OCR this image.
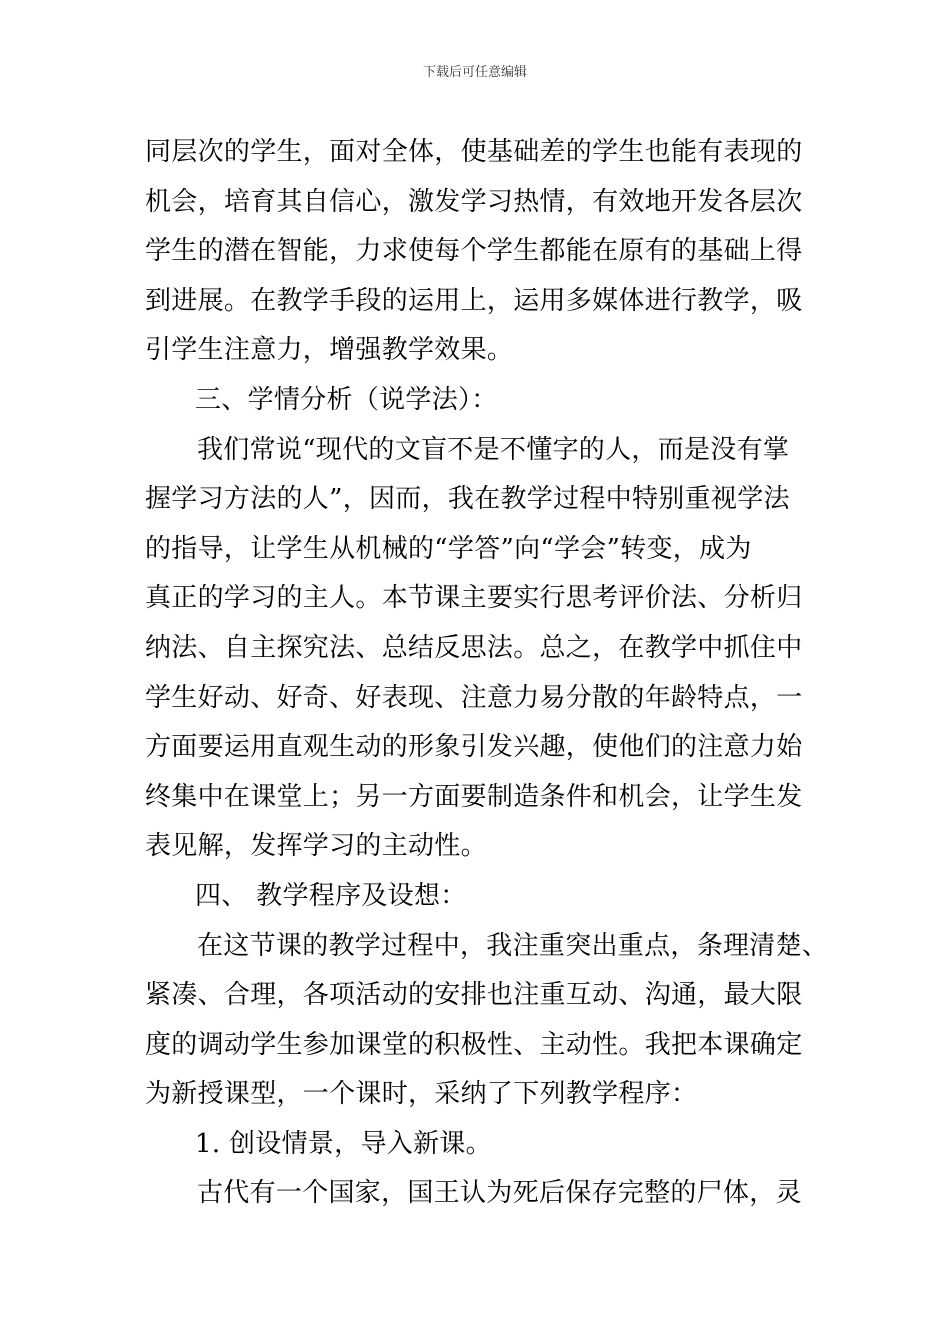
下载后可任意编辑
同层次的学生，面对全体，使基础差的学生也能有表现的
机会，培育其自信心，激发学习热情，有效地开发各层次
学生的潜在智能，力求使每个学生都能在原有的基础上得
到进展。在教学手段的运用上，运用多媒体进行教学，吸
引学生注意力，增强教学效果。
三、学情分析（说学法）：
我们常说“现代的文盲不是不懂字的人，而是没有掌
握学习方法的人”，因而，我在教学过程中特别重视学法
的指导，让学生从机械的“学答”向“学会”转变，成为
真正的学习的主人。本节课主要实行思考评价法、分析归
纳法、自主探究法、总结反思法。总之，在教学中抓住中
学生好动、好奇、好表现、注意力易分散的年龄特点，一
方面要运用直观生动的形象引发兴趣，使他们的注意力始
终集中在课堂上；另一方面要制造条件和机会，让学生发
表见解，发挥学习的主动性。
四、 教学程序及设想：
在这节课的教学过程中，我注重突出重点，条理清楚、
紧凑、合理，各项活动的安排也注重互动、沟通，最大限
度的调动学生参加课堂的积极性、主动性。我把本课确定
为新授课型，一个课时，采纳了下列教学程序：
1. 创设情景，导入新课。
古代有一个国家，国王认为死后保存完整的尸体，灵
